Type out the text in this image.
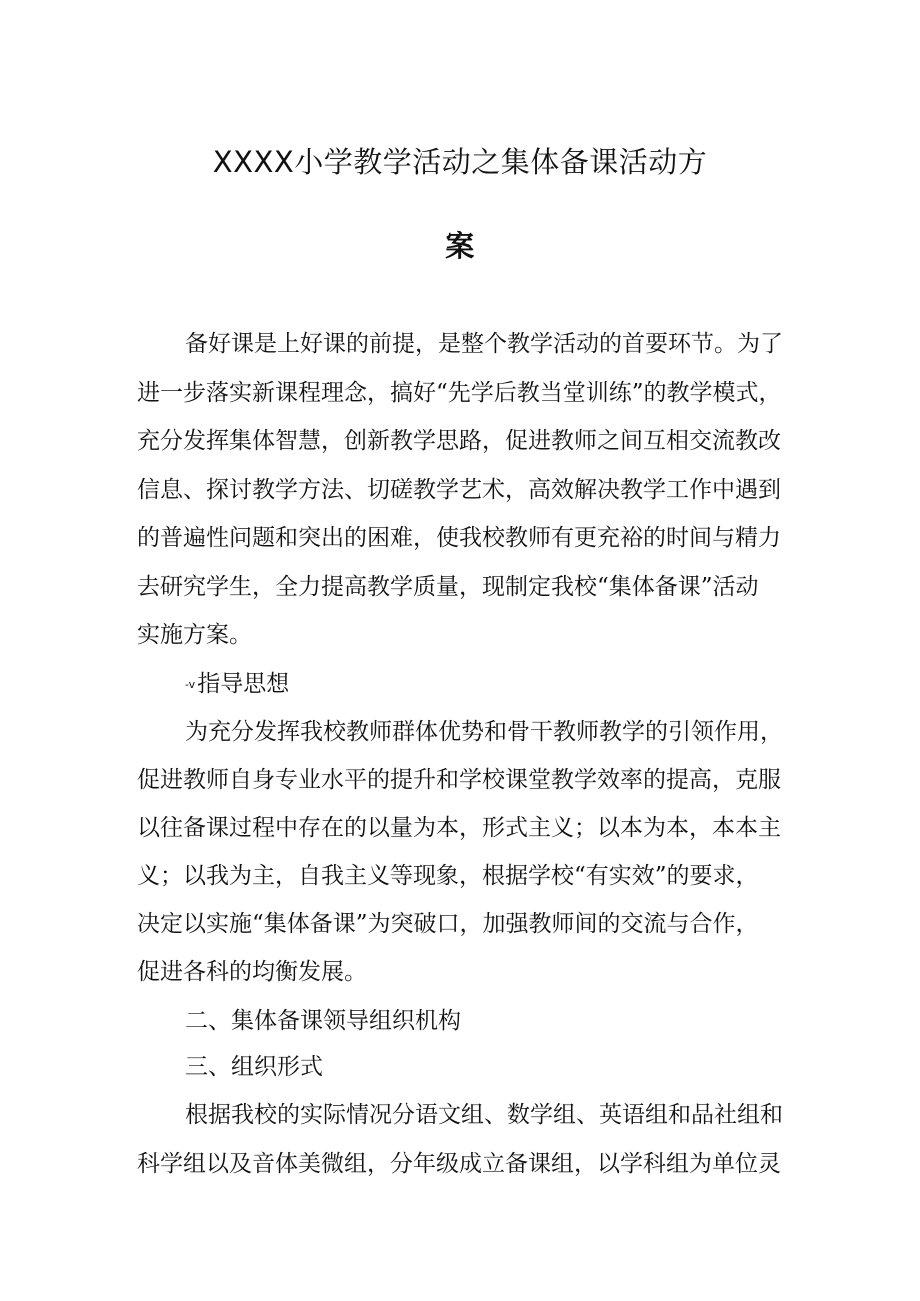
XXXX小学教学活动之集体备课活动方
案
备好课是上好课的前提，是整个教学活动的首要环节。为了
进一步落实新课程理念，搞好“先学后教当堂训练”的教学模式，
充分发挥集体智慧，创新教学思路，促进教师之间互相交流教改
信息、探讨教学方法、切磋教学艺术，高效解决教学工作中遇到
的普遍性问题和突出的困难，使我校教师有更充裕的时间与精力
去研究学生，全力提高教学质量，现制定我校“集体备课”活动
实施方案。
-v指导思想
为充分发挥我校教师群体优势和骨干教师教学的引领作用，
促进教师自身专业水平的提升和学校课堂教学效率的提高，克服
以往备课过程中存在的以量为本，形式主义；以本为本，本本主
义；以我为主，自我主义等现象，根据学校“有实效”的要求，
决定以实施“集体备课”为突破口，加强教师间的交流与合作，
促进各科的均衡发展。
二、集体备课领导组织机构
三、组织形式
根据我校的实际情况分语文组、数学组、英语组和品社组和
科学组以及音体美微组，分年级成立备课组，以学科组为单位灵
